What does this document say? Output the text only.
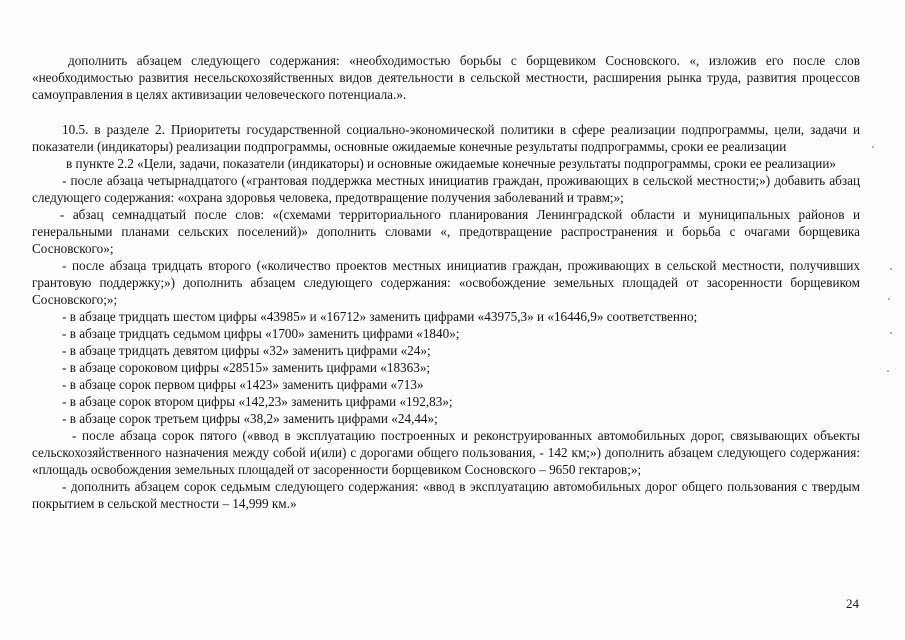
дополнить абзацем следующего содержания: «необходимостью борьбы с борщевиком Сосновского. «, изложив его после слов «необходимостью развития несельскохозяйственных видов деятельности в сельской местности, расширения рынка труда, развития процессов самоуправления в целях активизации человеческого потенциала.».

10.5. в разделе 2. Приоритеты государственной социально-экономической политики в сфере реализации подпрограммы, цели, задачи и показатели (индикаторы) реализации подпрограммы, основные ожидаемые конечные результаты подпрограммы, сроки ее реализации

в пункте 2.2 «Цели, задачи, показатели (индикаторы) и основные ожидаемые конечные результаты подпрограммы, сроки ее реализации»

- после абзаца четырнадцатого («грантовая поддержка местных инициатив граждан, проживающих в сельской местности;») добавить абзац следующего содержания: «охрана здоровья человека, предотвращение получения заболеваний и травм;»;

- абзац семнадцатый после слов: «(схемами территориального планирования Ленинградской области и муниципальных районов и генеральными планами сельских поселений)» дополнить словами «, предотвращение распространения и борьба с очагами борщевика Сосновского»;

- после абзаца тридцать второго («количество проектов местных инициатив граждан, проживающих в сельской местности, получивших грантовую поддержку;») дополнить абзацем следующего содержания: «освобождение земельных площадей от засоренности борщевиком Сосновского;»;

- в абзаце тридцать шестом цифры «43985» и «16712» заменить цифрами «43975,3» и «16446,9» соответственно;

- в абзаце тридцать седьмом цифры «1700» заменить цифрами «1840»;

- в абзаце тридцать девятом цифры «32» заменить цифрами «24»;

- в абзаце сороковом цифры «28515» заменить цифрами «18363»;

- в абзаце сорок первом цифры «1423» заменить цифрами «713»

- в абзаце сорок втором цифры «142,23» заменить цифрами «192,83»;

- в абзаце сорок третьем цифры «38,2» заменить цифрами «24,44»;

- после абзаца сорок пятого («ввод в эксплуатацию построенных и реконструированных автомобильных дорог, связывающих объекты сельскохозяйственного назначения между собой и(или) с дорогами общего пользования, - 142 км;») дополнить абзацем следующего содержания: «площадь освобождения земельных площадей от засоренности борщевиком Сосновского – 9650 гектаров;»;

- дополнить абзацем сорок седьмым следующего содержания: «ввод в эксплуатацию автомобильных дорог общего пользования с твердым покрытием в сельской местности – 14,999 км.»

24
